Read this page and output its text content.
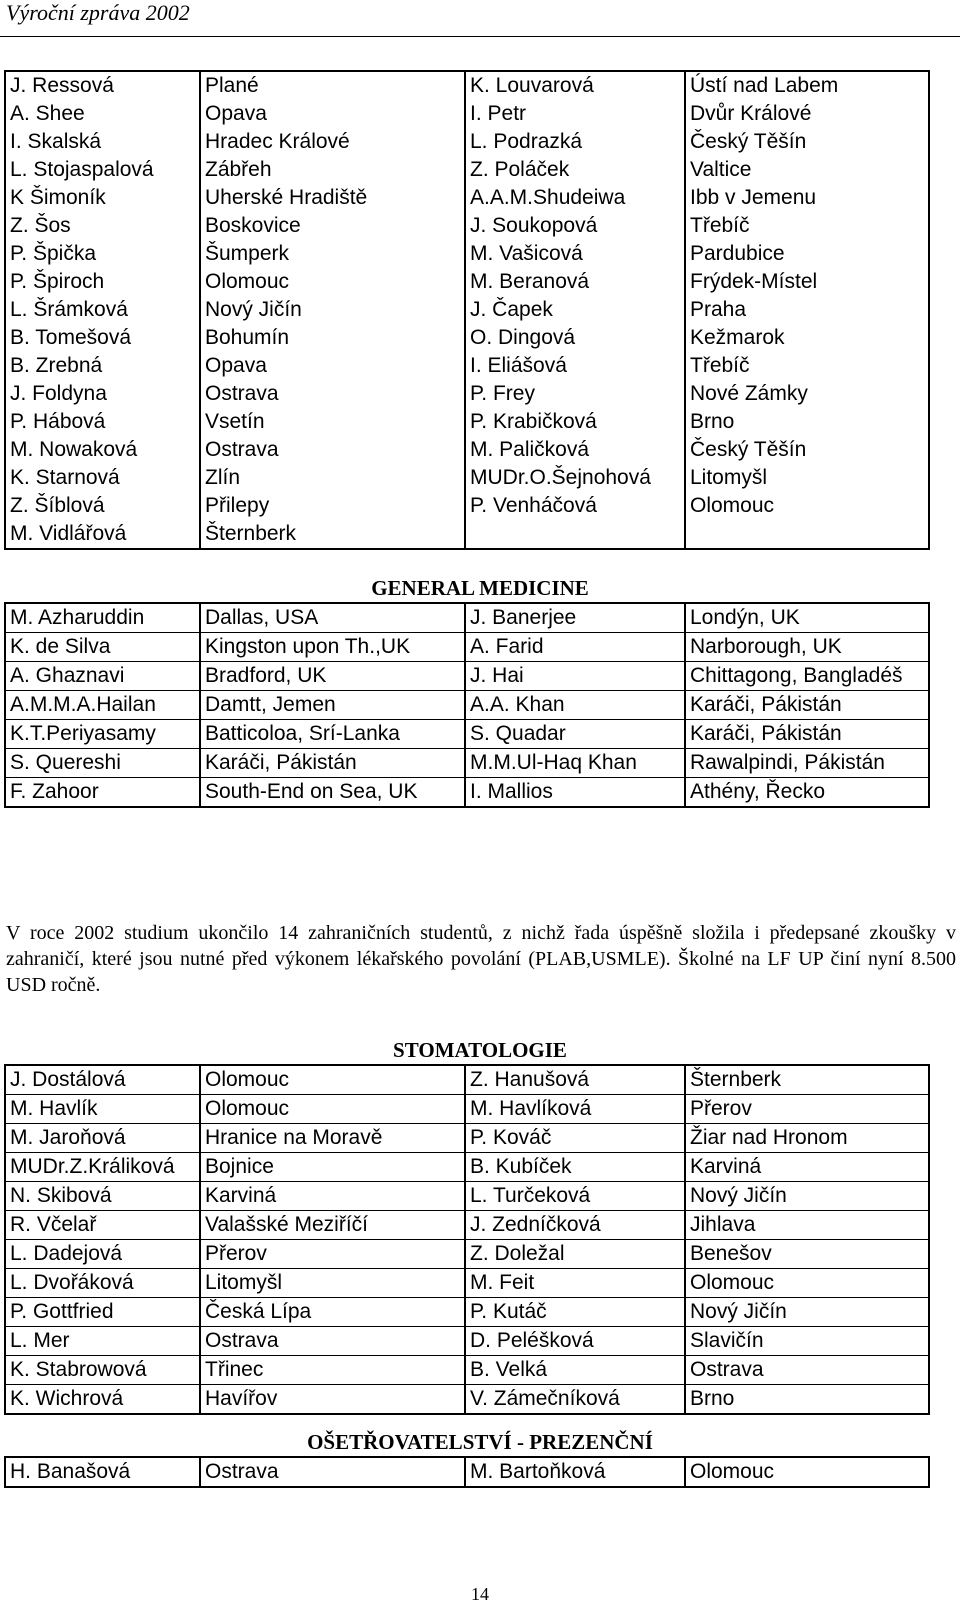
Výroční zpráva 2002
J. Ressová	Plané	K. Louvarová	Ústí nad Labem
A. Shee	Opava	I. Petr	Dvůr Králové
I. Skalská	Hradec Králové	L. Podrazká	Český Těšín
L. Stojaspalová	Zábřeh	Z. Poláček	Valtice
K Šimoník	Uherské Hradiště	A.A.M.Shudeiwa	Ibb v Jemenu
Z. Šos	Boskovice	J. Soukopová	Třebíč
P. Špička	Šumperk	M. Vašicová	Pardubice
P. Špiroch	Olomouc	M. Beranová	Frýdek-Místel
L. Šrámková	Nový Jičín	J. Čapek	Praha
B. Tomešová	Bohumín	O. Dingová	Kežmarok
B. Zrebná	Opava	I. Eliášová	Třebíč
J. Foldyna	Ostrava	P. Frey	Nové Zámky
P. Hábová	Vsetín	P. Krabičková	Brno
M. Nowaková	Ostrava	M. Paličková	Český Těšín
K. Starnová	Zlín	MUDr.O.Šejnohová	Litomyšl
Z. Šíblová	Přilepy	P. Venháčová	Olomouc
M. Vidlářová	Šternberk		
GENERAL MEDICINE
M. Azharuddin	Dallas, USA	J. Banerjee	Londýn, UK
K. de Silva	Kingston upon Th.,UK	A. Farid	Narborough, UK
A. Ghaznavi	Bradford, UK	J. Hai	Chittagong, Bangladéš
A.M.M.A.Hailan	Damtt, Jemen	A.A. Khan	Karáči, Pákistán
K.T.Periyasamy	Batticoloa, Srí-Lanka	S. Quadar	Karáči, Pákistán
S. Quereshi	Karáči, Pákistán	M.M.Ul-Haq Khan	Rawalpindi, Pákistán
F. Zahoor	South-End on Sea, UK	I. Mallios	Athény, Řecko
V roce 2002 studium ukončilo 14 zahraničních studentů, z nichž řada úspěšně složila i předepsané zkoušky v zahraničí, které jsou nutné před výkonem lékařského povolání (PLAB,USMLE). Školné na LF UP činí nyní 8.500 USD ročně.
STOMATOLOGIE
J. Dostálová	Olomouc	Z. Hanušová	Šternberk
M. Havlík	Olomouc	M. Havlíková	Přerov
M. Jaroňová	Hranice na Moravě	P. Kováč	Žiar nad Hronom
MUDr.Z.Králiková	Bojnice	B. Kubíček	Karviná
N. Skibová	Karviná	L. Turčeková	Nový Jičín
R. Včelař	Valašské Meziříčí	J. Zedníčková	Jihlava
L. Dadejová	Přerov	Z. Doležal	Benešov
L. Dvořáková	Litomyšl	M. Feit	Olomouc
P. Gottfried	Česká Lípa	P. Kutáč	Nový Jičín
L. Mer	Ostrava	D. Peléšková	Slavičín
K. Stabrowová	Třinec	B. Velká	Ostrava
K. Wichrová	Havířov	V. Zámečníková	Brno
OŠETŘOVATELSTVÍ - PREZENČNÍ
H. Banašová	Ostrava	M. Bartoňková	Olomouc
14
